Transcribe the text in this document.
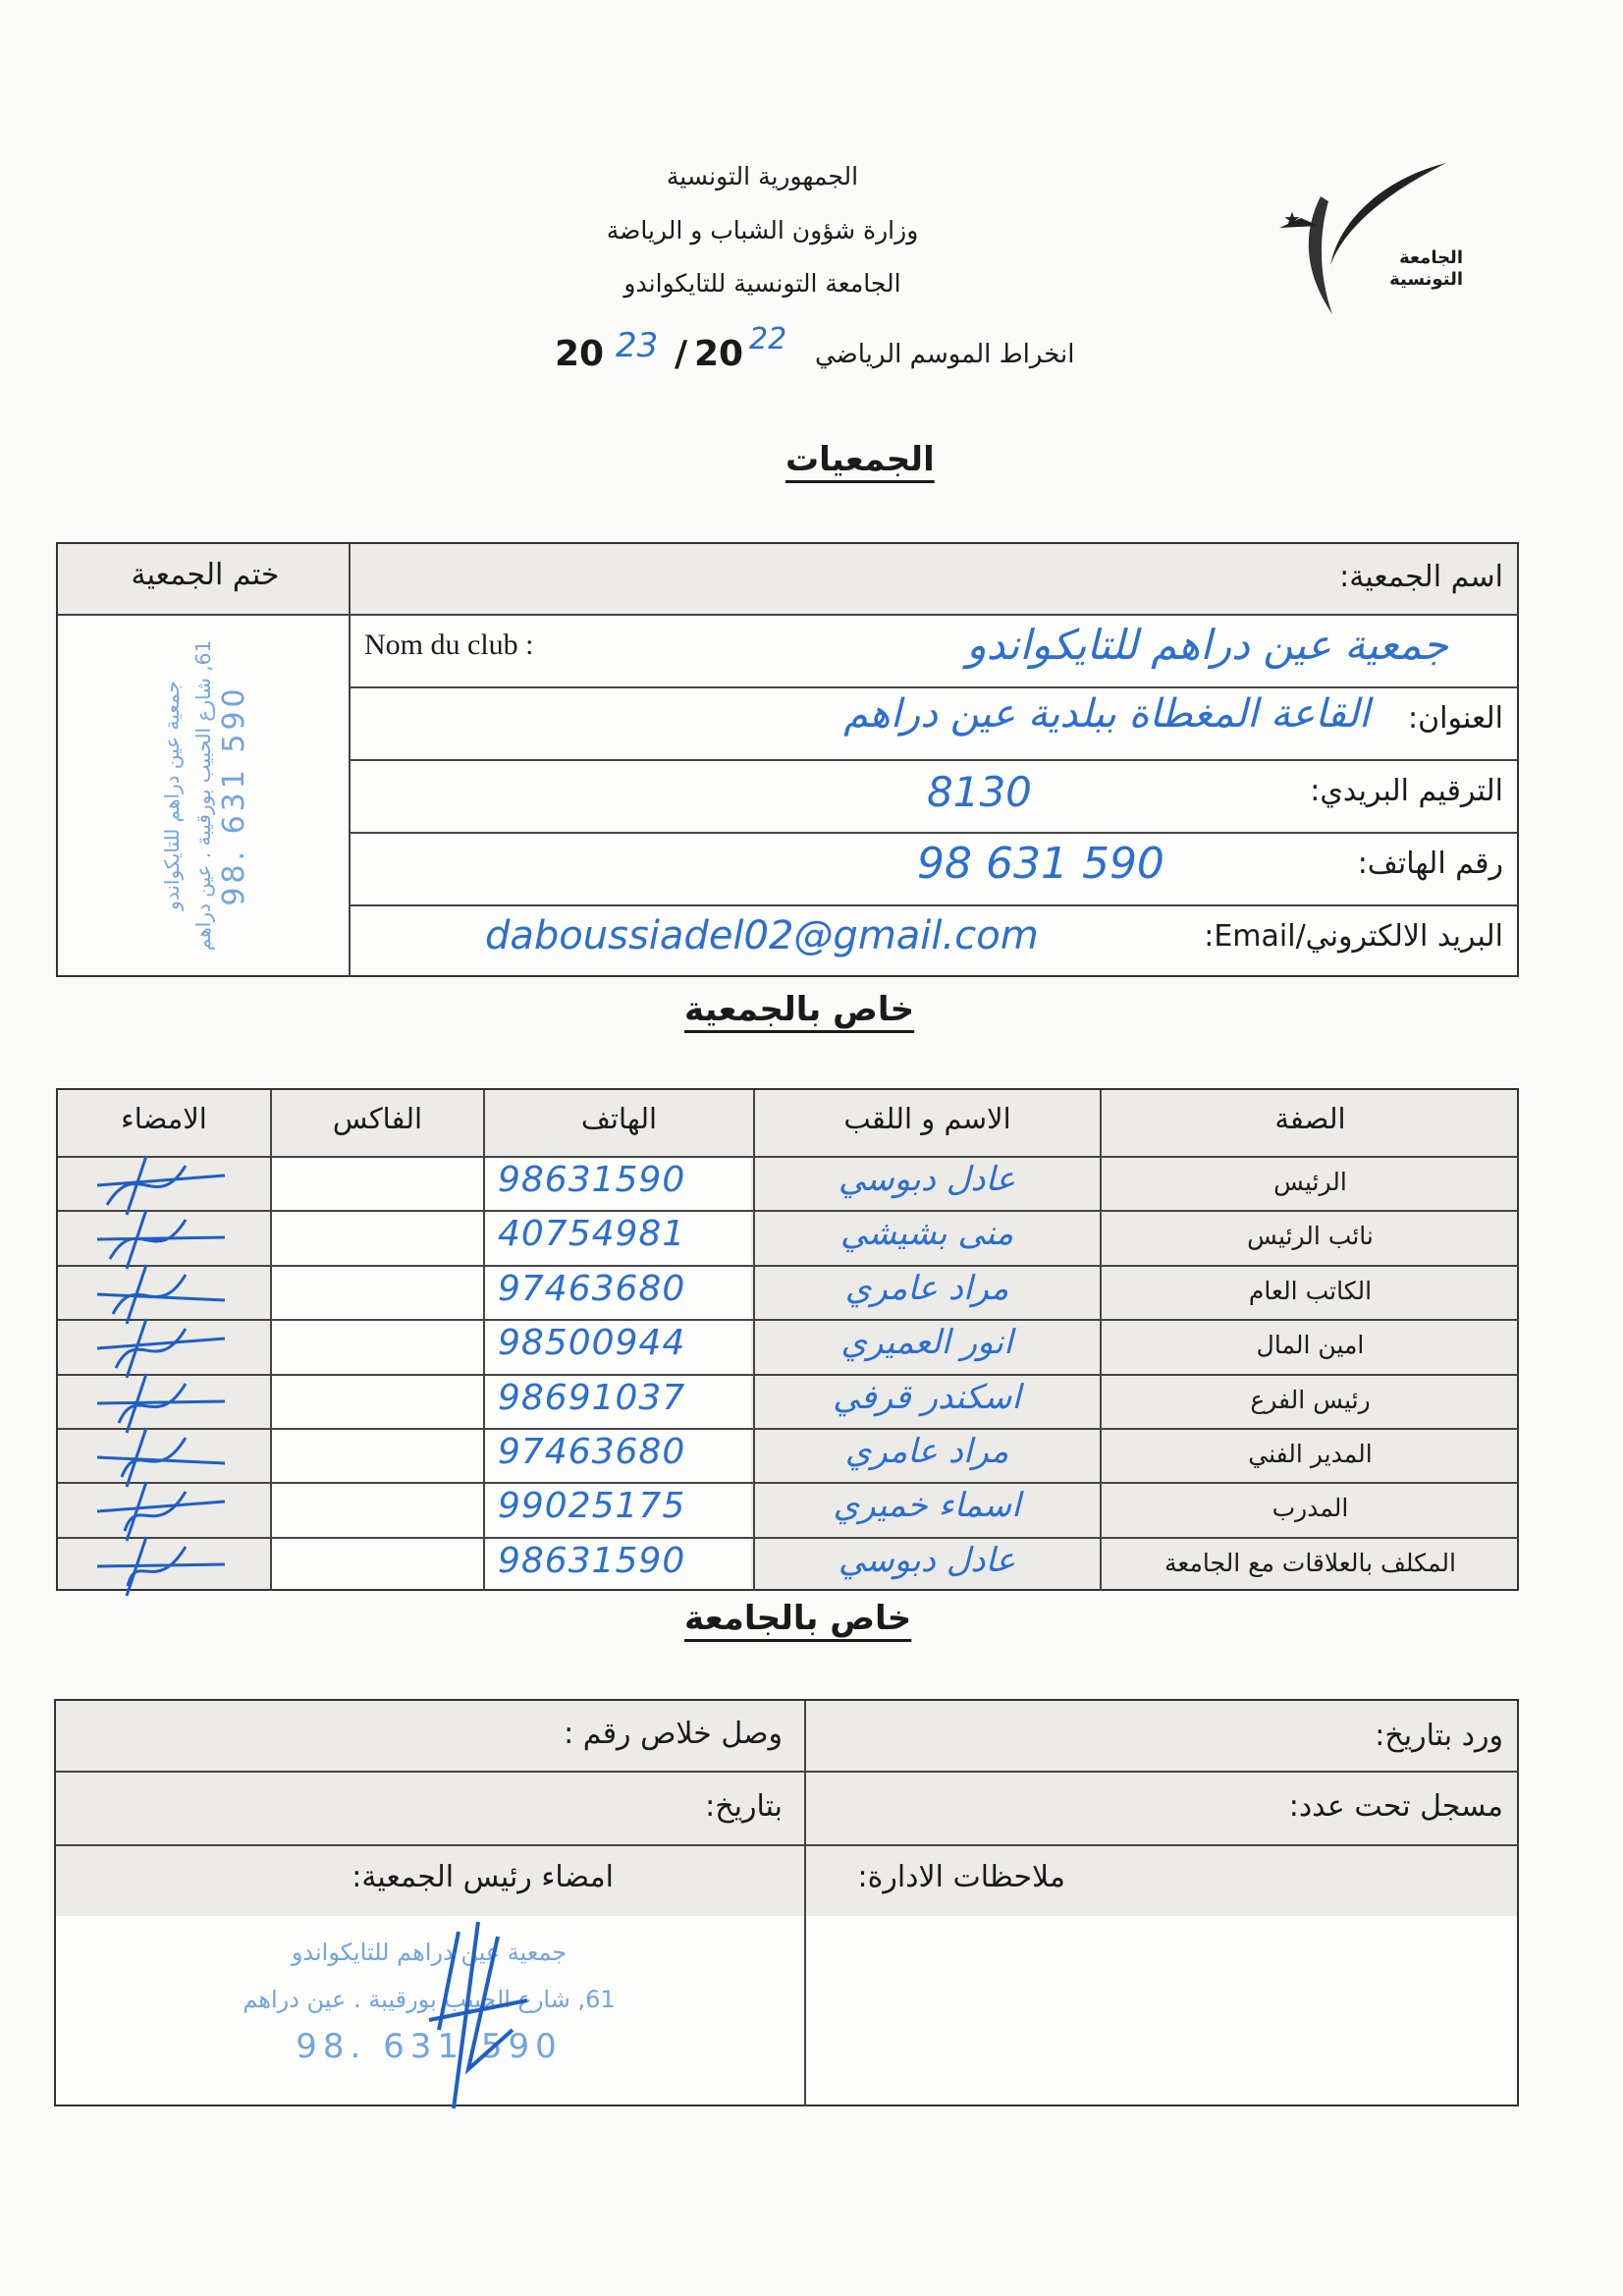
الجمهورية التونسية
وزارة شؤون الشباب و الرياضة
الجامعة التونسية للتايكواندو
20 23 / 20 22 انخراط الموسم الرياضي
★
الجامعة
التونسية
الجمعيات
ختم الجمعية	اسم الجمعية:
Nom du club :	جمعية عين دراهم للتايكواندو
العنوان:
القاعة المغطاة ببلدية عين دراهم
الترقيم البريدي:
8130
رقم الهاتف:
98 631 590
البريد الالكتروني/Email:
daboussiadel02@gmail.com
جمعية عين دراهم للتايكواندو 61, شارع الحبيب بورقيبة . عين دراهم
98. 631 590
خاص بالجمعية
الصفة
الاسم و اللقب
الهاتف
الفاكس
الامضاء
الرئيس
عادل دبوسي
98631590
نائب الرئيس
منى بشيشي
40754981
الكاتب العام
مراد عامري
97463680
امين المال
انور العميري
98500944
رئيس الفرع
اسكندر قرفي
98691037
المدير الفني
مراد عامري
97463680
المدرب
اسماء خميري
99025175
المكلف بالعلاقات مع الجامعة
عادل دبوسي
98631590
خاص بالجامعة
ورد بتاريخ:
وصل خلاص رقم :
مسجل تحت عدد:
بتاريخ:
ملاحظات الادارة:
امضاء رئيس الجمعية:
جمعية عين دراهم للتايكواندو
61, شارع الحبيب بورقيبة . عين دراهم
98. 631 590
